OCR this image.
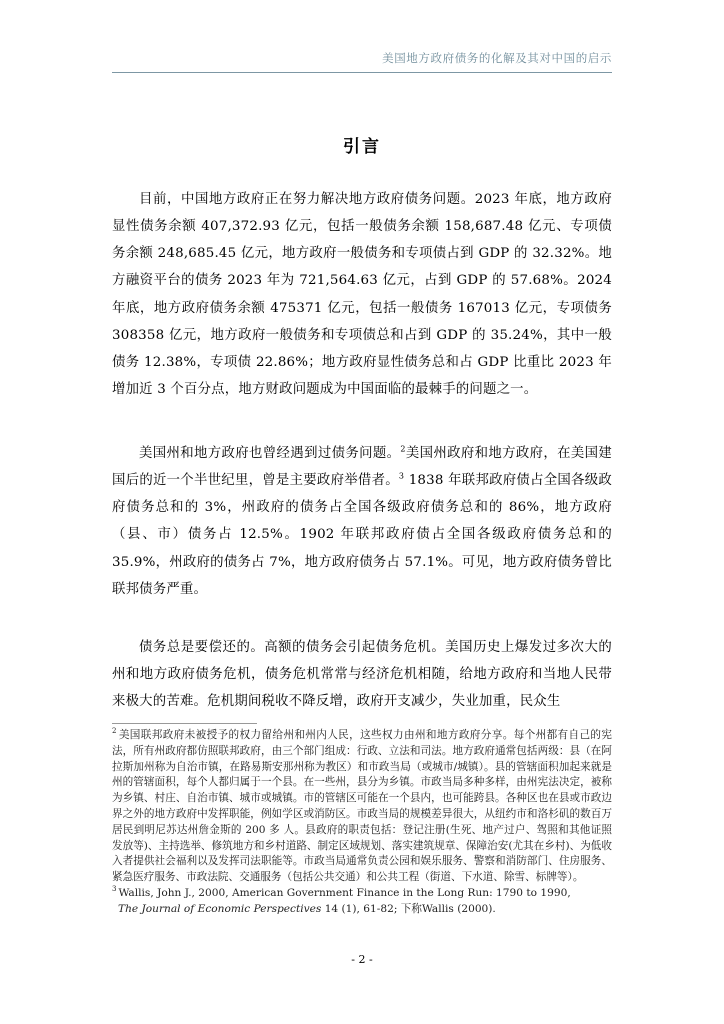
美国地方政府债务的化解及其对中国的启示
引言
目前，中国地方政府正在努力解决地方政府债务问题。2023 年底，地方政府显性债务余额 407,372.93 亿元，包括一般债务余额 158,687.48 亿元、专项债务余额 248,685.45 亿元，地方政府一般债务和专项债占到 GDP 的 32.32%。地方融资平台的债务 2023 年为 721,564.63 亿元，占到 GDP 的 57.68%。2024 年底，地方政府债务余额 475371 亿元，包括一般债务 167013 亿元，专项债务 308358 亿元，地方政府一般债务和专项债总和占到 GDP 的 35.24%，其中一般债务 12.38%，专项债 22.86%；地方政府显性债务总和占 GDP 比重比 2023 年增加近 3 个百分点，地方财政问题成为中国面临的最棘手的问题之一。
美国州和地方政府也曾经遇到过债务问题。$^2$美国州政府和地方政府，在美国建国后的近一个半世纪里，曾是主要政府举借者。$^3$ 1838 年联邦政府债占全国各级政府债务总和的 3%，州政府的债务占全国各级政府债务总和的 86%，地方政府（县、市）债务占 12.5%。1902 年联邦政府债占全国各级政府债务总和的 35.9%，州政府的债务占 7%，地方政府债务占 57.1%。可见，地方政府债务曾比联邦债务严重。
债务总是要偿还的。高额的债务会引起债务危机。美国历史上爆发过多次大的州和地方政府债务危机，债务危机常常与经济危机相随，给地方政府和当地人民带来极大的苦难。危机期间税收不降反增，政府开支减少，失业加重，民众生
$^2$ 美国联邦政府未被授予的权力留给州和州内人民，这些权力由州和地方政府分享。每个州都有自己的宪法，所有州政府都仿照联邦政府，由三个部门组成：行政、立法和司法。地方政府通常包括两级：县（在阿拉斯加州称为自治市镇，在路易斯安那州称为教区）和市政当局（或城市/城镇）。县的管辖面积加起来就是州的管辖面积，每个人都归属于一个县。在一些州，县分为乡镇。市政当局多种多样，由州宪法决定，被称为乡镇、村庄、自治市镇、城市或城镇。市的管辖区可能在一个县内，也可能跨县。各种区也在县或市政边界之外的地方政府中发挥职能，例如学区或消防区。市政当局的规模差异很大，从纽约市和洛杉矶的数百万居民到明尼苏达州詹金斯的 200 多 人。县政府的职责包括：登记注册(生死、地产过户、驾照和其他证照发放等)、主持选举、修筑地方和乡村道路、制定区域规划、落实建筑规章、保障治安(尤其在乡村)、为低收入者提供社会福利以及发挥司法职能等。市政当局通常负责公园和娱乐服务、警察和消防部门、住房服务、紧急医疗服务、市政法院、交通服务（包括公共交通）和公共工程（街道、下水道、除雪、标牌等）。
$^3$ Wallis, John J., 2000, American Government Finance in the Long Run: 1790 to 1990,
The Journal of Economic Perspectives 14 (1), 61-82; 下称Wallis (2000).
- 2 -
